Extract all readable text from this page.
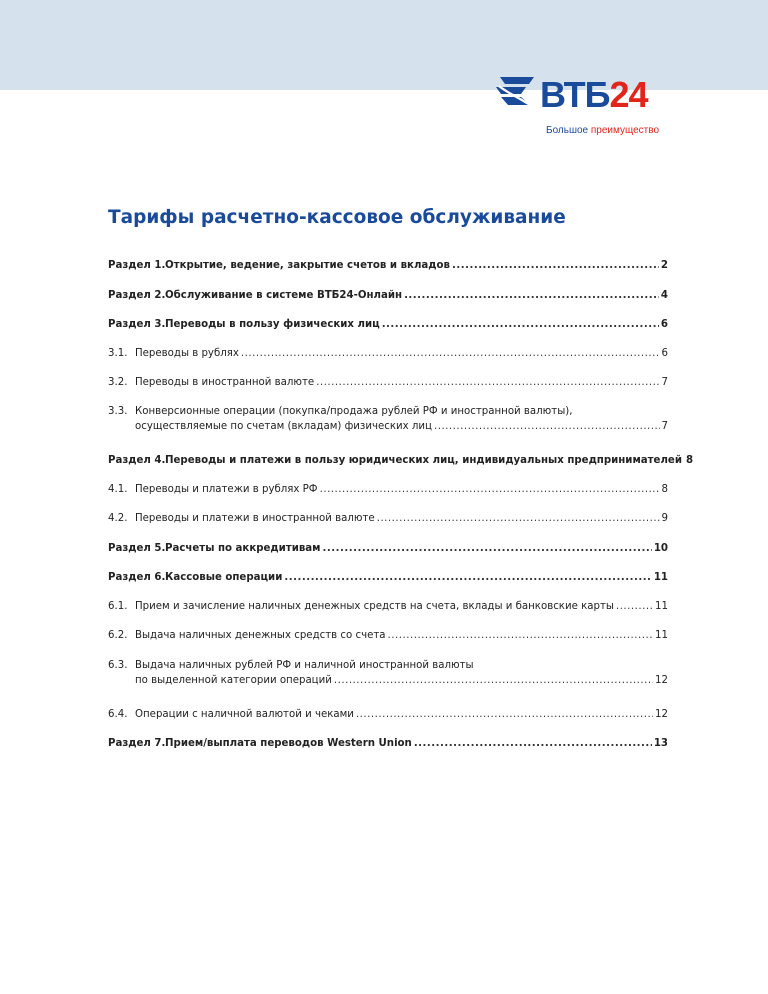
ВТБ24
Большое преимущество
Тарифы расчетно-кассовое обслуживание
Раздел 1. Открытие, ведение, закрытие счетов и вкладов .....	2
Раздел 2. Обслуживание в системе ВТБ24-Онлайн .....	4
Раздел 3. Переводы в пользу физических лиц .....	6
3.1. Переводы в рублях .....	6
3.2. Переводы в иностранной валюте .....	7
3.3. Конверсионные операции (покупка/продажа рублей РФ и иностранной валюты),
осуществляемые по счетам (вкладам) физических лиц .....	7
Раздел 4. Переводы и платежи в пользу юридических лиц, индивидуальных предпринимателей 8
4.1. Переводы и платежи в рублях РФ .....	8
4.2. Переводы и платежи в иностранной валюте .....	9
Раздел 5. Расчеты по аккредитивам .....	10
Раздел 6. Кассовые операции .....	11
6.1. Прием и зачисление наличных денежных средств на счета, вклады и банковские карты .....	11
6.2. Выдача наличных денежных средств со счета .....	11
6.3. Выдача наличных рублей РФ и наличной иностранной валюты
по выделенной категории операций .....	12
6.4. Операции с наличной валютой и чеками .....	12
Раздел 7. Прием/выплата переводов Western Union .....	13
